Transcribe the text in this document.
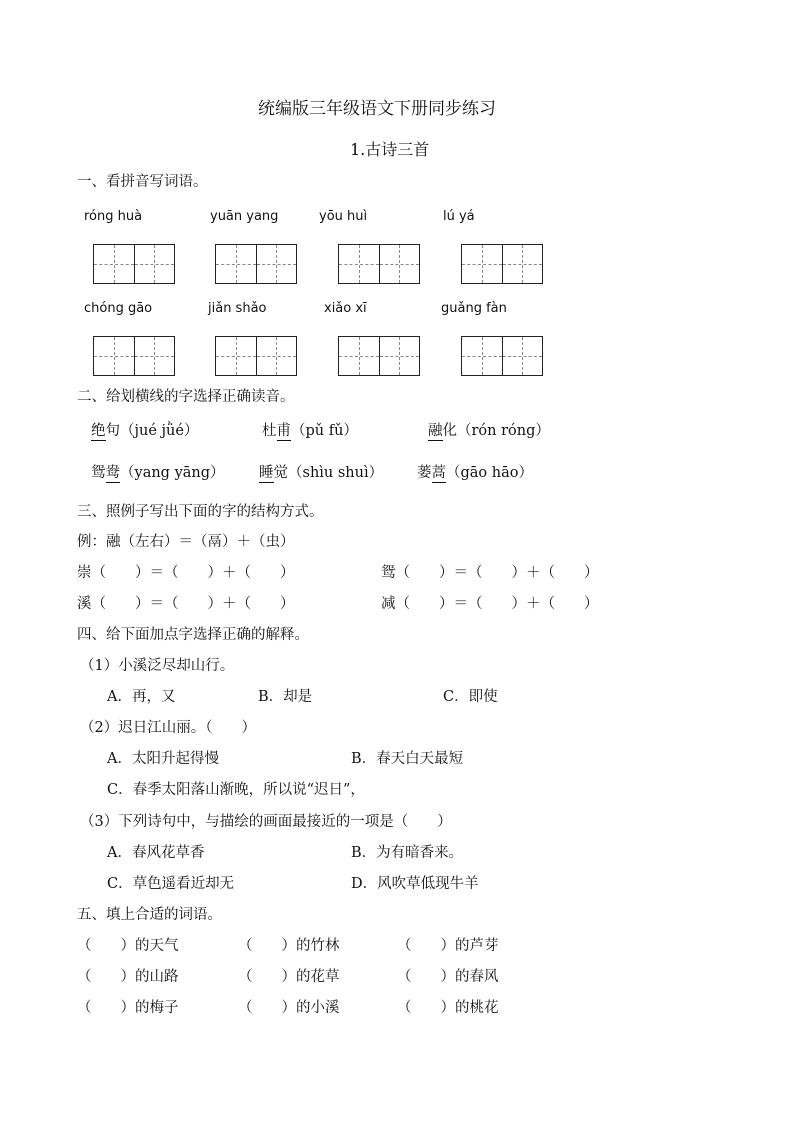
统编版三年级语文下册同步练习
1.古诗三首
一、看拼音写词语。
róng huà	yuān yang	yōu huì	lú yá
chóng gāo	jiǎn shǎo	xiǎo xī	guǎng fàn
二、给划横线的字选择正确读音。
绝句（jué jǜé）	杜甫（pǔ fǔ）	融化（rón róng）
鸳鸯（yang yāng） 睡觉（shìu shuì） 蒌蒿（gāo hāo）
三、照例子写出下面的字的结构方式。
例：融（左右）＝（鬲）＋（虫）
崇（　　）＝（　　）＋（　　）	鸳（　　）＝（　　）＋（　　）
溪（　　）＝（　　）＋（　　）	减（　　）＝（　　）＋（　　）
四、给下面加点字选择正确的解释。
（1）小溪泛尽却山行。
A．再，又	B．却是	C．即使
（2）迟日江山丽。（　　）
A．太阳升起得慢	B．春天白天最短
C．春季太阳落山渐晚，所以说“迟日”，
（3）下列诗句中，与描绘的画面最接近的一项是（　　）
A．春风花草香	B．为有暗香来。
C．草色遥看近却无	D．风吹草低现牛羊
五、填上合适的词语。
（　　）的天气	（　　）的竹林	（　　）的芦芽
（　　）的山路	（　　）的花草	（　　）的春风
（　　）的梅子	（　　）的小溪	（　　）的桃花
